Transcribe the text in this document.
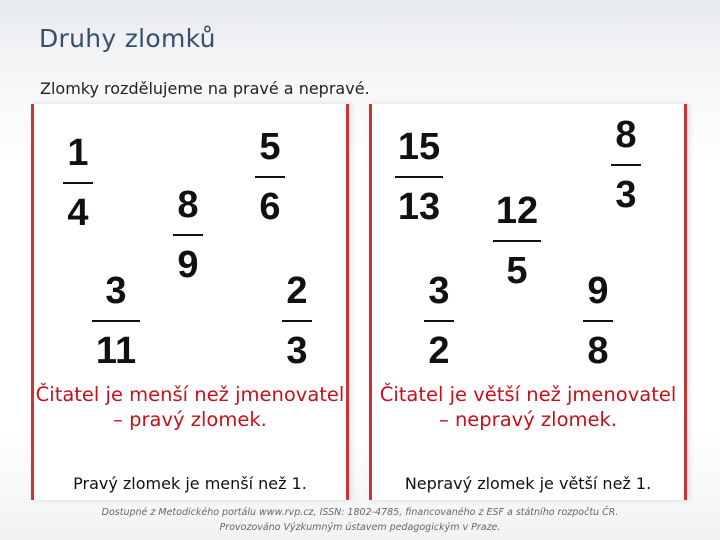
Druhy zlomků
Zlomky rozdělujeme na pravé a nepravé.
1
4 8
9
5
6
3
11
2
3
Čitatel je menší než jmenovatel – pravý zlomek.
Pravý zlomek je menší než 1.
15
13 12
5
8
3
3
2
9
8
Čitatel je větší než jmenovatel – nepravý zlomek.
Nepravý zlomek je větší než 1.
Dostupné z Metodického portálu www.rvp.cz, ISSN: 1802-4785, financovaného z ESF a státního rozpočtu ČR.
Provozováno Výzkumným ústavem pedagogickým v Praze.
